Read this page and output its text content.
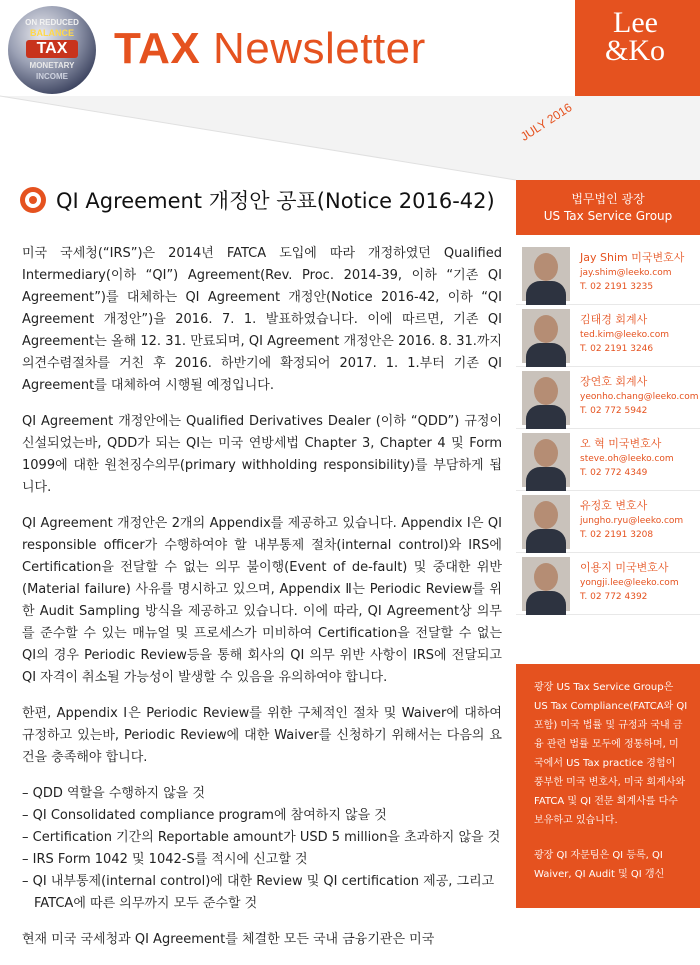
ON REDUCED
BALANCE
TAX
MONETARY
INCOME
TAX Newsletter
Lee
&Ko
JULY 2016
QI Agreement 개정안 공표(Notice 2016-42)

미국 국세청(“IRS”)은 2014년 FATCA 도입에 따라 개정하였던 Qualified Intermediary(이하 “QI”) Agreement(Rev. Proc. 2014-39, 이하 “기존 QI Agreement”)를 대체하는 QI Agreement 개정안(Notice 2016-42, 이하 “QI Agreement 개정안”)을 2016. 7. 1. 발표하였습니다. 이에 따르면, 기존 QI Agreement는 올해 12. 31. 만료되며, QI Agreement 개정안은 2016. 8. 31.까지 의견수렴절차를 거친 후 2016. 하반기에 확정되어 2017. 1. 1.부터 기존 QI Agreement를 대체하여 시행될 예정입니다.

QI Agreement 개정안에는 Qualified Derivatives Dealer (이하 “QDD”) 규정이 신설되었는바, QDD가 되는 QI는 미국 연방세법 Chapter 3, Chapter 4 및 Form 1099에 대한 원천징수의무(primary withholding responsibility)를 부담하게 됩니다.

QI Agreement 개정안은 2개의 Appendix를 제공하고 있습니다. Appendix Ⅰ은 QI responsible officer가 수행하여야 할 내부통제 절차(internal control)와 IRS에 Certification을 전달할 수 없는 의무 불이행(Event of de-fault) 및 중대한 위반(Material failure) 사유를 명시하고 있으며, Appendix Ⅱ는 Periodic Review를 위한 Audit Sampling 방식을 제공하고 있습니다. 이에 따라, QI Agreement상 의무를 준수할 수 있는 매뉴얼 및 프로세스가 미비하여 Certification을 전달할 수 없는 QI의 경우 Periodic Review등을 통해 회사의 QI 의무 위반 사항이 IRS에 전달되고 QI 자격이 취소될 가능성이 발생할 수 있음을 유의하여야 합니다.

한편, Appendix Ⅰ은 Periodic Review를 위한 구체적인 절차 및 Waiver에 대하여 규정하고 있는바, Periodic Review에 대한 Waiver를 신청하기 위해서는 다음의 요건을 충족해야 합니다.

– QDD 역할을 수행하지 않을 것
– QI Consolidated compliance program에 참여하지 않을 것
– Certification 기간의 Reportable amount가 USD 5 million을 초과하지 않을 것
– IRS Form 1042 및 1042-S를 적시에 신고할 것
– QI 내부통제(internal control)에 대한 Review 및 QI certification 제공, 그리고 FATCA에 따른 의무까지 모두 준수할 것

현재 미국 국세청과 QI Agreement를 체결한 모든 국내 금융기관은 미국

법무법인 광장
US Tax Service Group
Jay Shim 미국변호사
jay.shim@leeko.com
T. 02 2191 3235
김태경 회계사
ted.kim@leeko.com
T. 02 2191 3246
장연호 회계사
yeonho.chang@leeko.com
T. 02 772 5942
오 혁 미국변호사
steve.oh@leeko.com
T. 02 772 4349
유정호 변호사
jungho.ryu@leeko.com
T. 02 2191 3208
이용지 미국변호사
yongji.lee@leeko.com
T. 02 772 4392

광장 US Tax Service Group은 US Tax Compliance(FATCA와 QI 포함) 미국 법률 및 규정과 국내 금융 관련 법률 모두에 정통하며, 미국에서 US Tax practice 경험이 풍부한 미국 변호사, 미국 회계사와 FATCA 및 QI 전문 회계사를 다수 보유하고 있습니다.

광장 QI 자문팀은 QI 등록, QI Waiver, QI Audit 및 QI 갱신
